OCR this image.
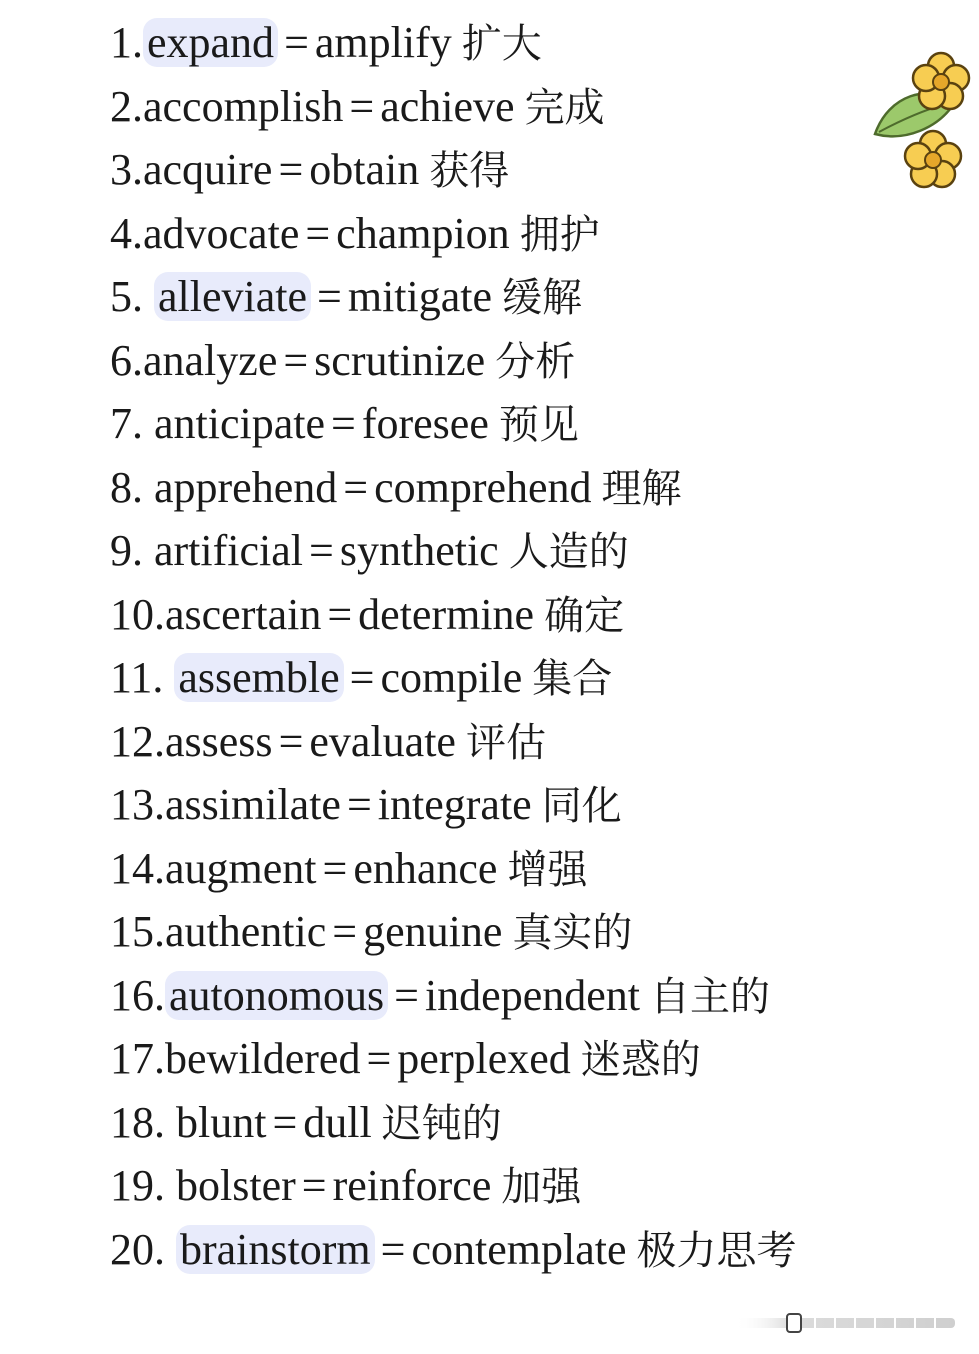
1.expand = amplify 扩大
2.accomplish = achieve 完成
3.acquire = obtain 获得
4.advocate = champion 拥护
5. alleviate = mitigate 缓解
6.analyze = scrutinize 分析
7. anticipate = foresee 预见
8. apprehend = comprehend 理解
9. artificial = synthetic 人造的
10.ascertain = determine 确定
11. assemble = compile 集合
12.assess = evaluate 评估
13.assimilate = integrate 同化
14.augment = enhance 增强
15.authentic = genuine 真实的
16.autonomous = independent 自主的
17.bewildered = perplexed 迷惑的
18. blunt = dull 迟钝的
19. bolster = reinforce 加强
20. brainstorm = contemplate 极力思考
